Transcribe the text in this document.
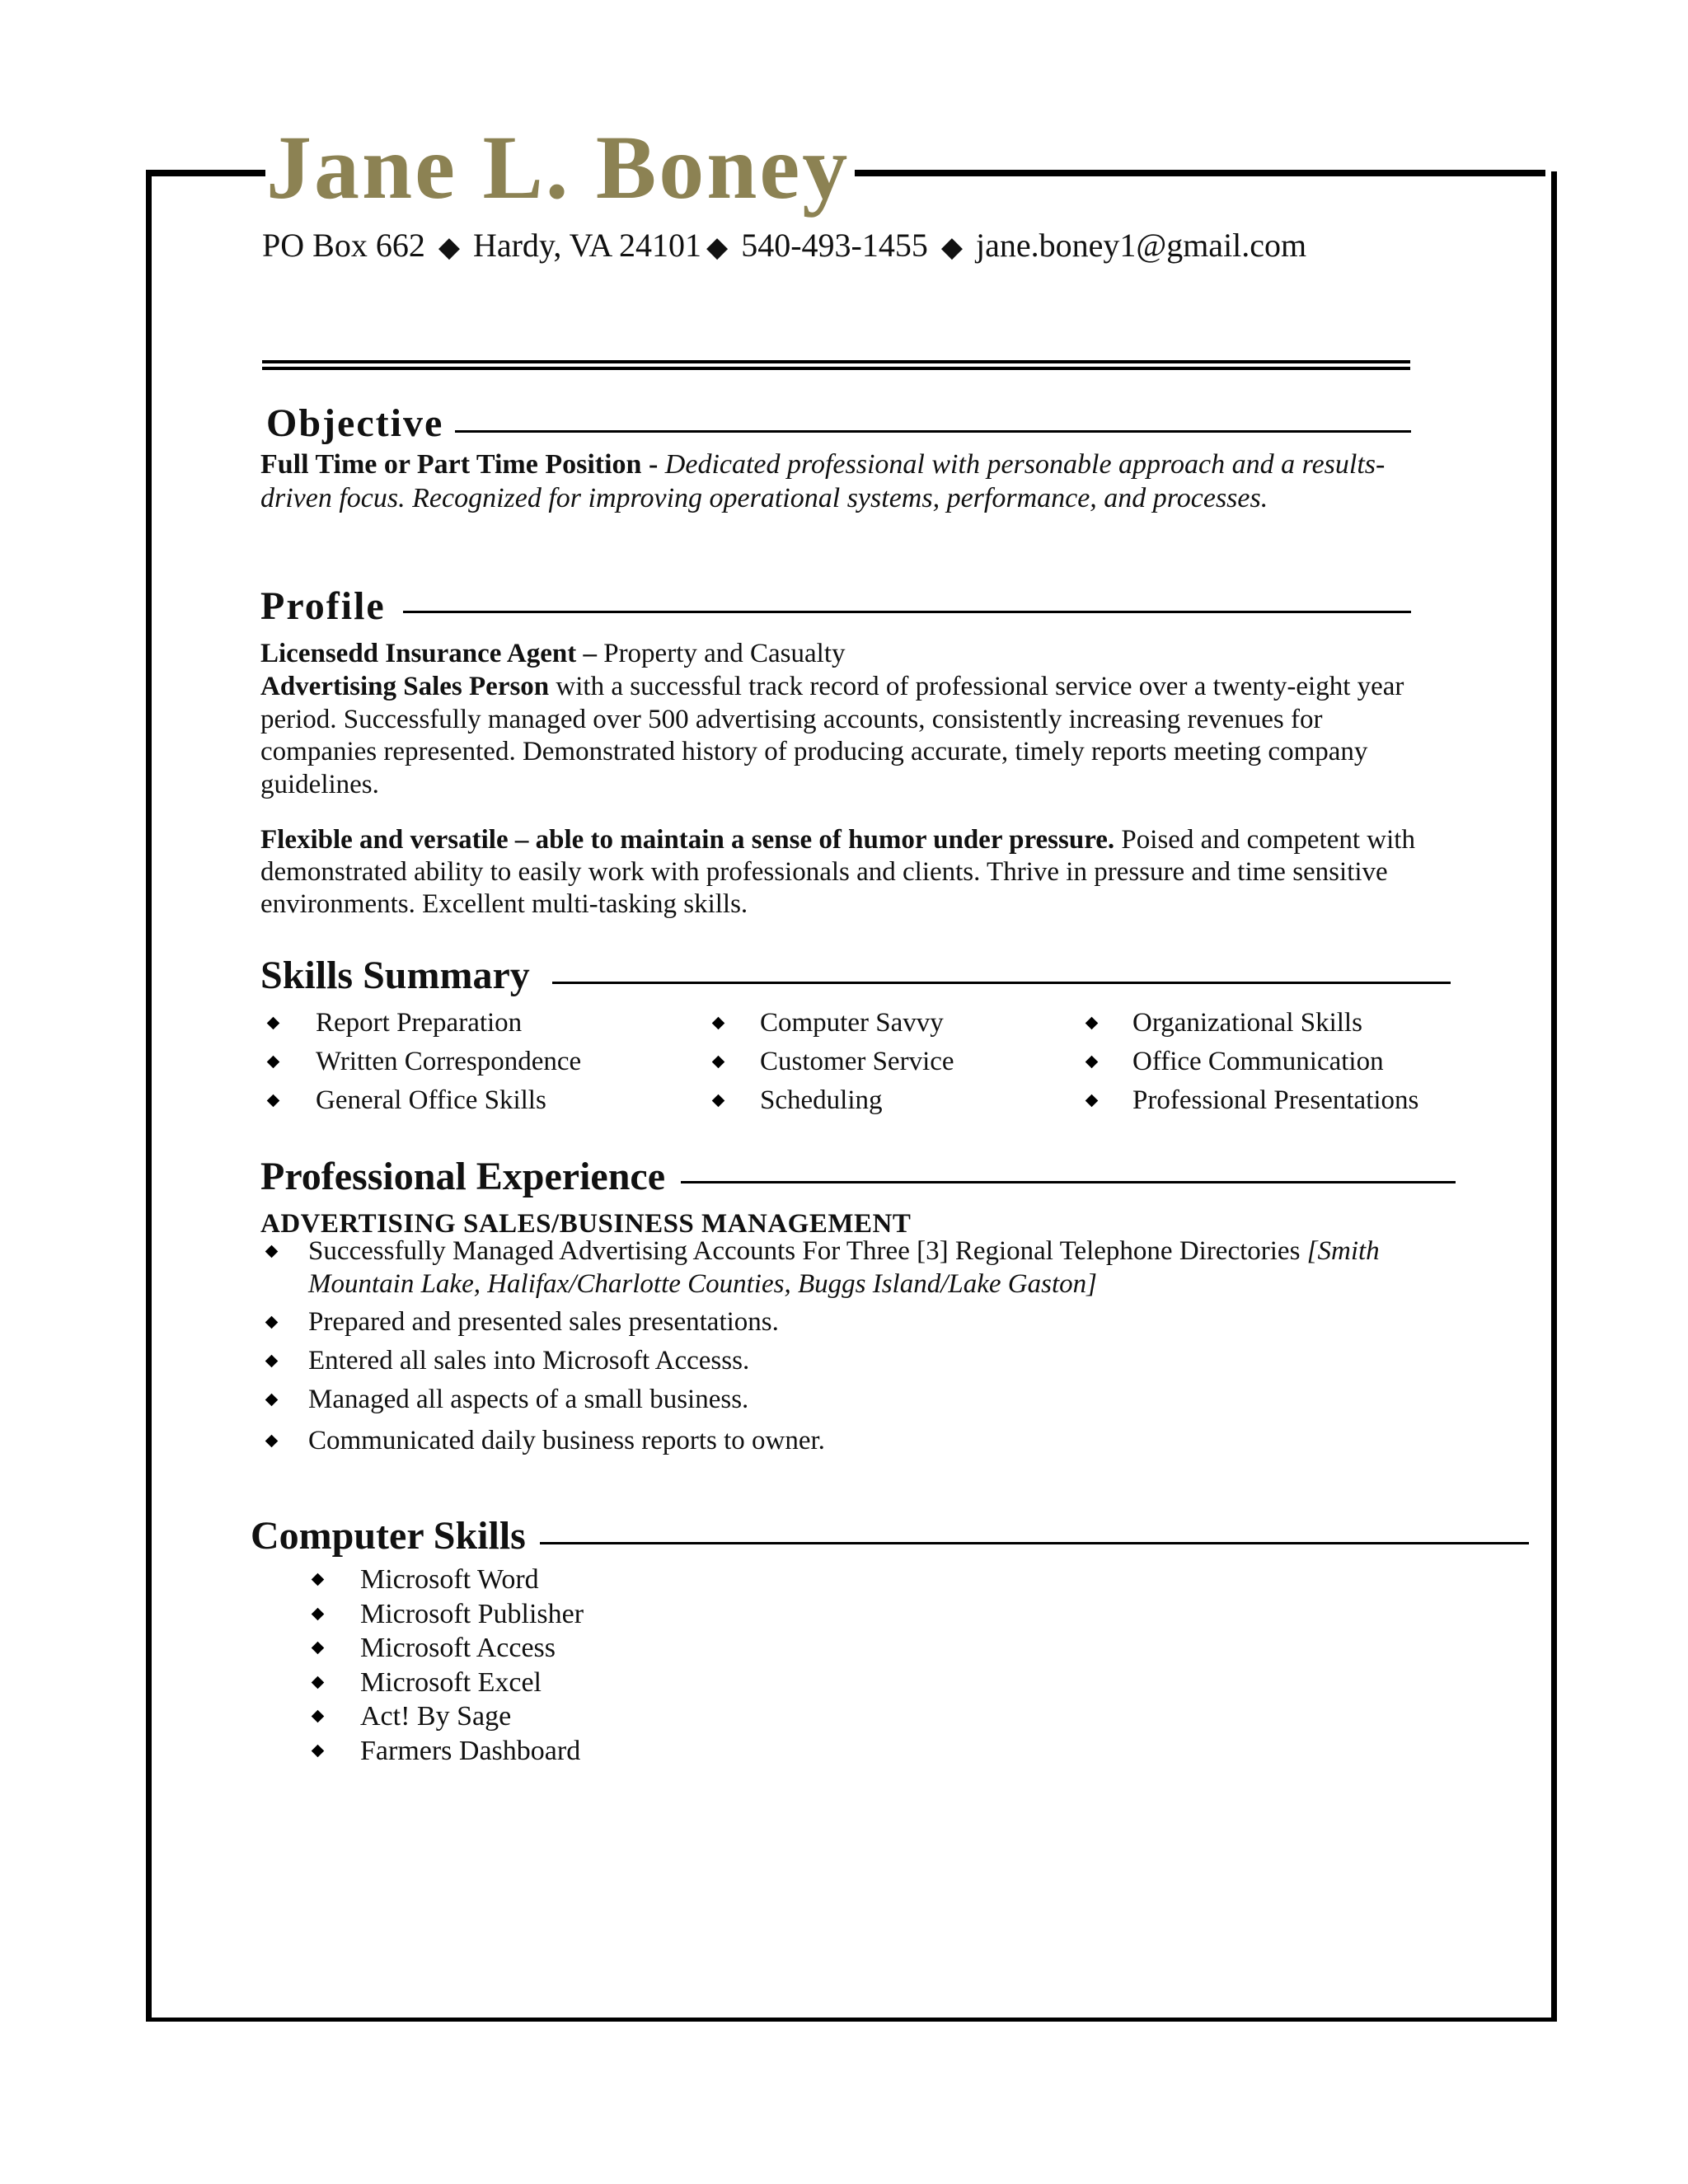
Jane L. Boney
PO Box 662 ◆ Hardy, VA 24101 ◆ 540-493-1455 ◆ jane.boney1@gmail.com
Objective

Full Time or Part Time Position - Dedicated professional with personable approach and a results-driven focus. Recognized for improving operational systems, performance, and processes.

Profile

Licensedd Insurance Agent – Property and Casualty

Advertising Sales Person with a successful track record of professional service over a twenty-eight year period. Successfully managed over 500 advertising accounts, consistently increasing revenues for companies represented. Demonstrated history of producing accurate, timely reports meeting company guidelines.

Flexible and versatile – able to maintain a sense of humor under pressure. Poised and competent with demonstrated ability to easily work with professionals and clients. Thrive in pressure and time sensitive environments. Excellent multi-tasking skills.

Skills Summary
Report Preparation
Written Correspondence
General Office Skills
Computer Savvy
Customer Service
Scheduling
Organizational Skills
Office Communication
Professional Presentations
Professional Experience
ADVERTISING SALES/BUSINESS MANAGEMENT
Successfully Managed Advertising Accounts For Three [3] Regional Telephone Directories [Smith Mountain Lake, Halifax/Charlotte Counties, Buggs Island/Lake Gaston]
Prepared and presented sales presentations.
Entered all sales into Microsoft Accesss.
Managed all aspects of a small business.
Communicated daily business reports to owner.
Computer Skills
Microsoft Word
Microsoft Publisher
Microsoft Access
Microsoft Excel
Act! By Sage
Farmers Dashboard
